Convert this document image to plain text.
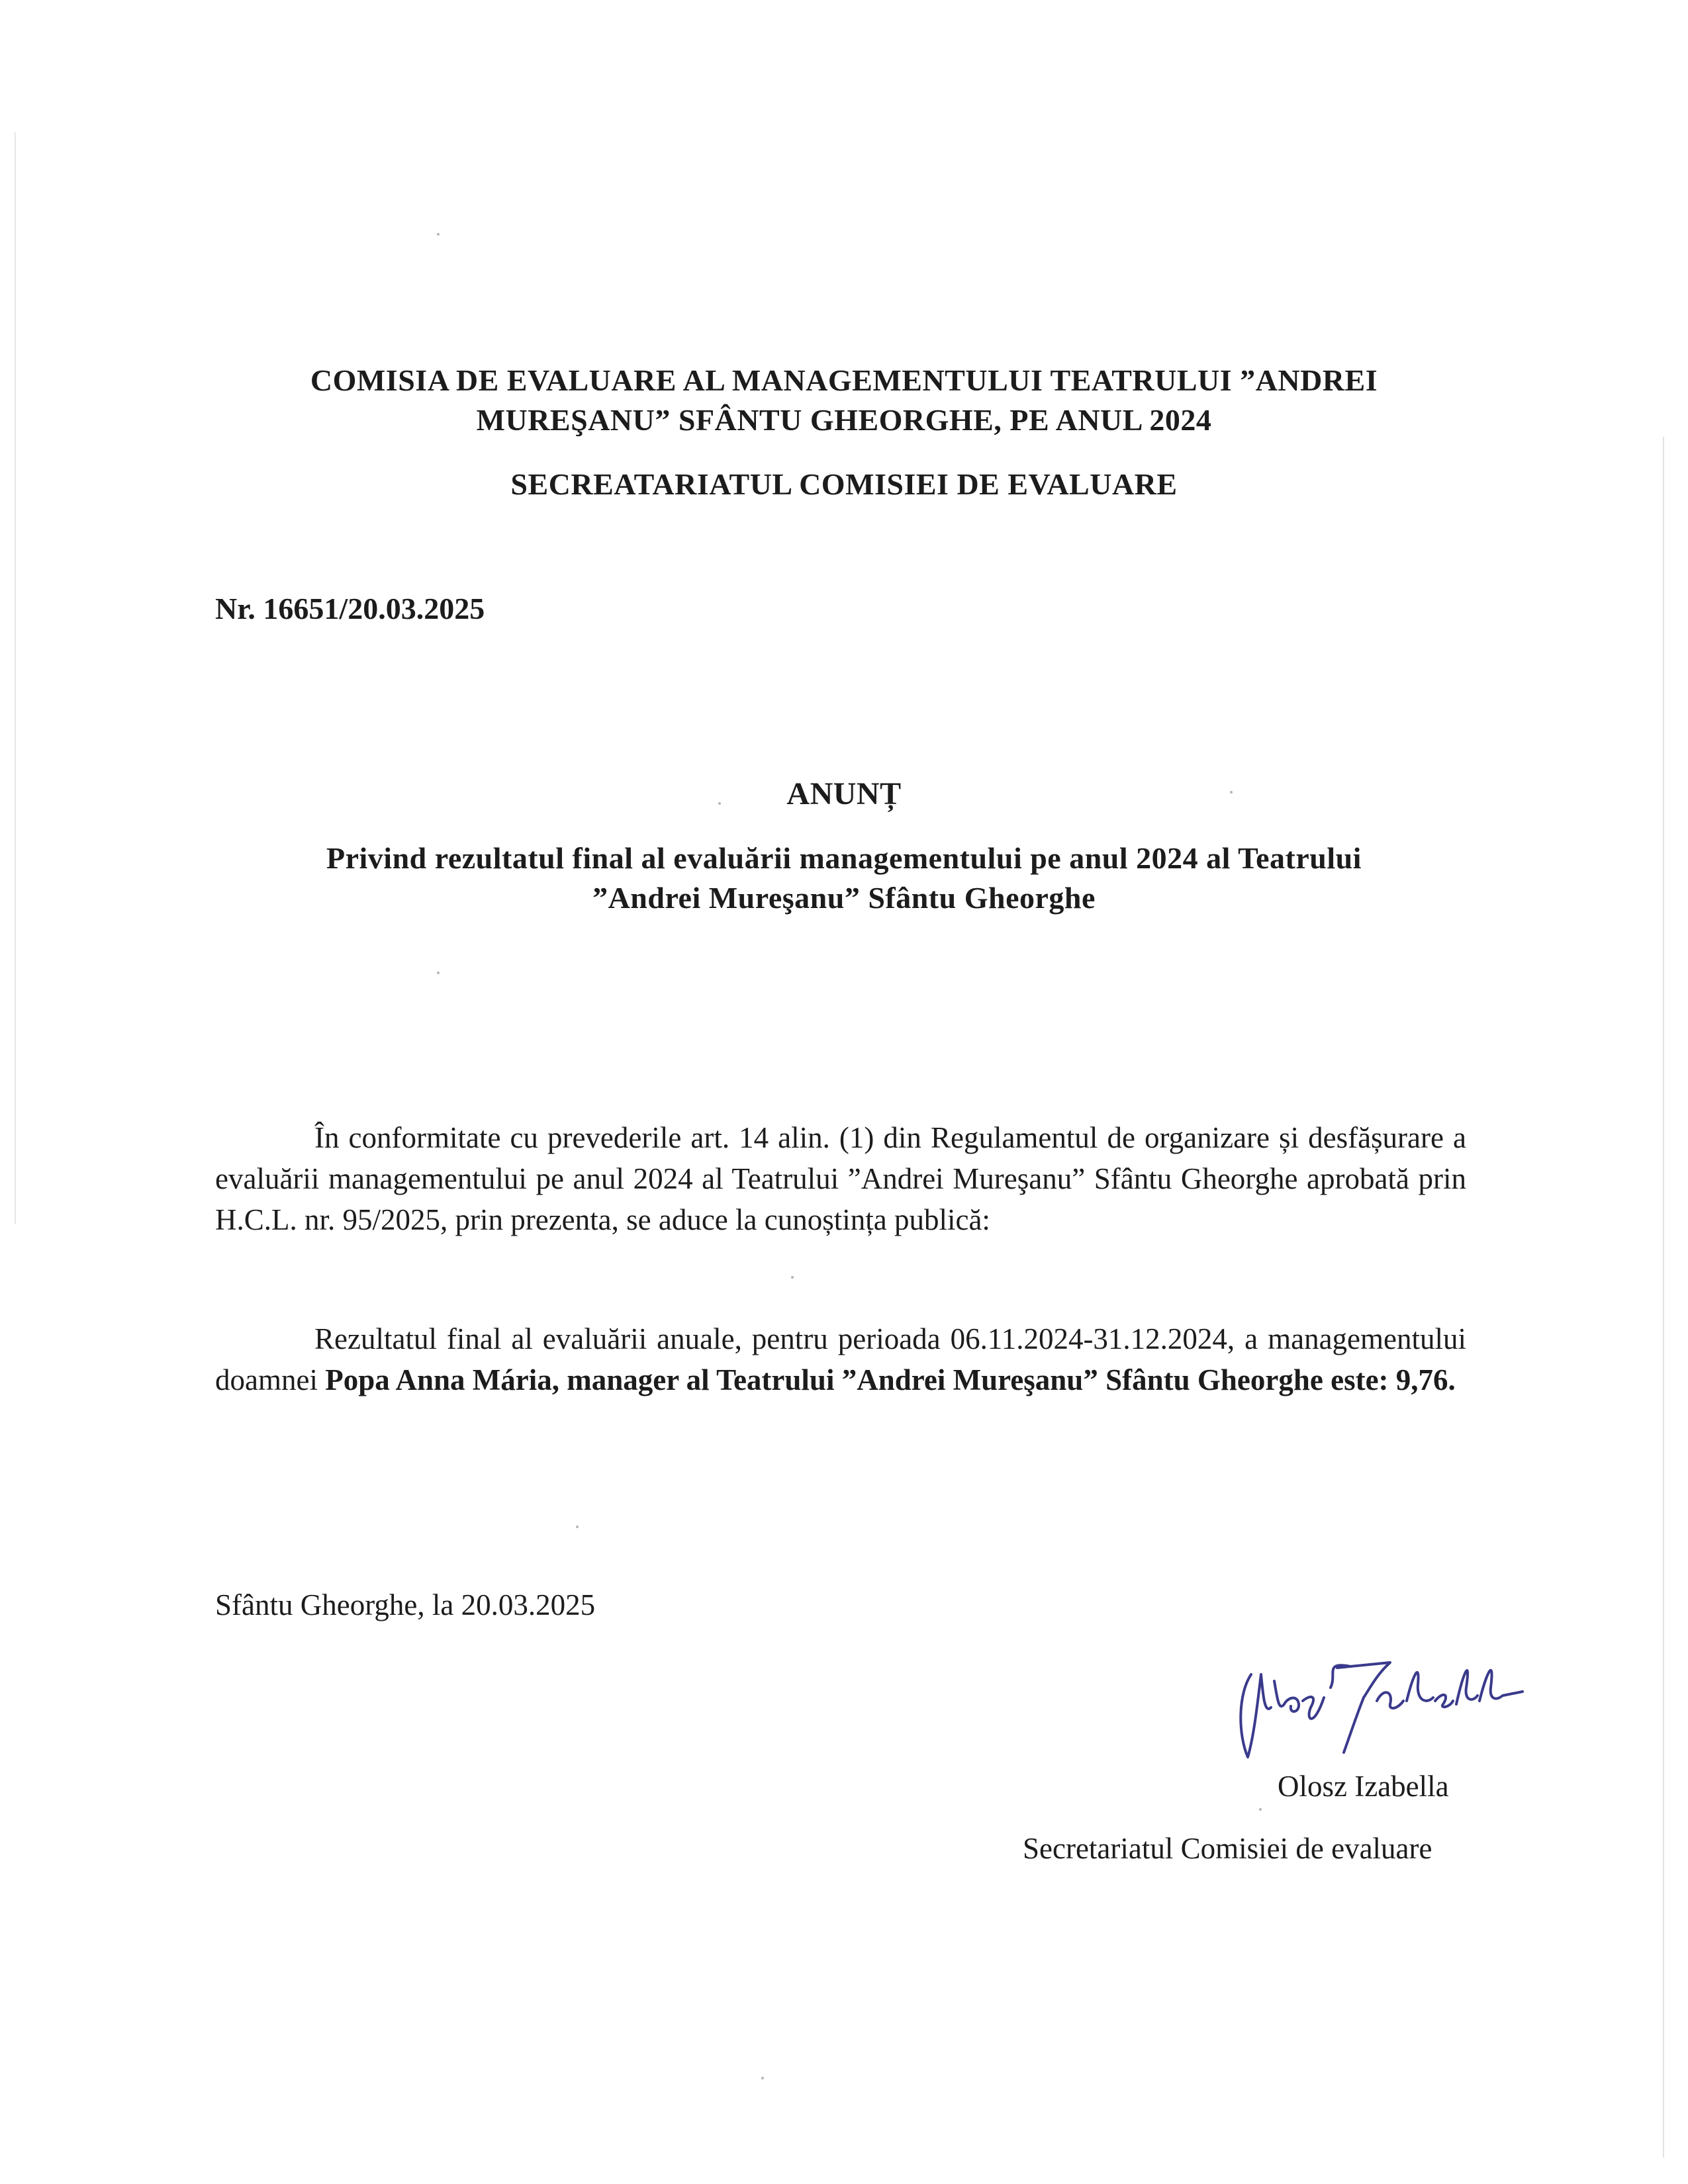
COMISIA DE EVALUARE AL MANAGEMENTULUI TEATRULUI ”ANDREI
MUREŞANU” SFÂNTU GHEORGHE, PE ANUL 2024
SECREATARIATUL COMISIEI DE EVALUARE
Nr. 16651/20.03.2025
ANUNȚ
Privind rezultatul final al evaluării managementului pe anul 2024 al Teatrului
”Andrei Mureşanu” Sfântu Gheorghe

În conformitate cu prevederile art. 14 alin. (1) din Regulamentul de organizare și desfășurare a evaluării managementului pe anul 2024 al Teatrului ”Andrei Mureşanu” Sfântu Gheorghe aprobată prin H.C.L. nr. 95/2025, prin prezenta, se aduce la cunoștința publică:

Rezultatul final al evaluării anuale, pentru perioada 06.11.2024-31.12.2024, a managementului doamnei Popa Anna Mária, manager al Teatrului ”Andrei Mureşanu” Sfântu Gheorghe este: 9,76.

Sfântu Gheorghe, la 20.03.2025
Olosz Izabella
Secretariatul Comisiei de evaluare
